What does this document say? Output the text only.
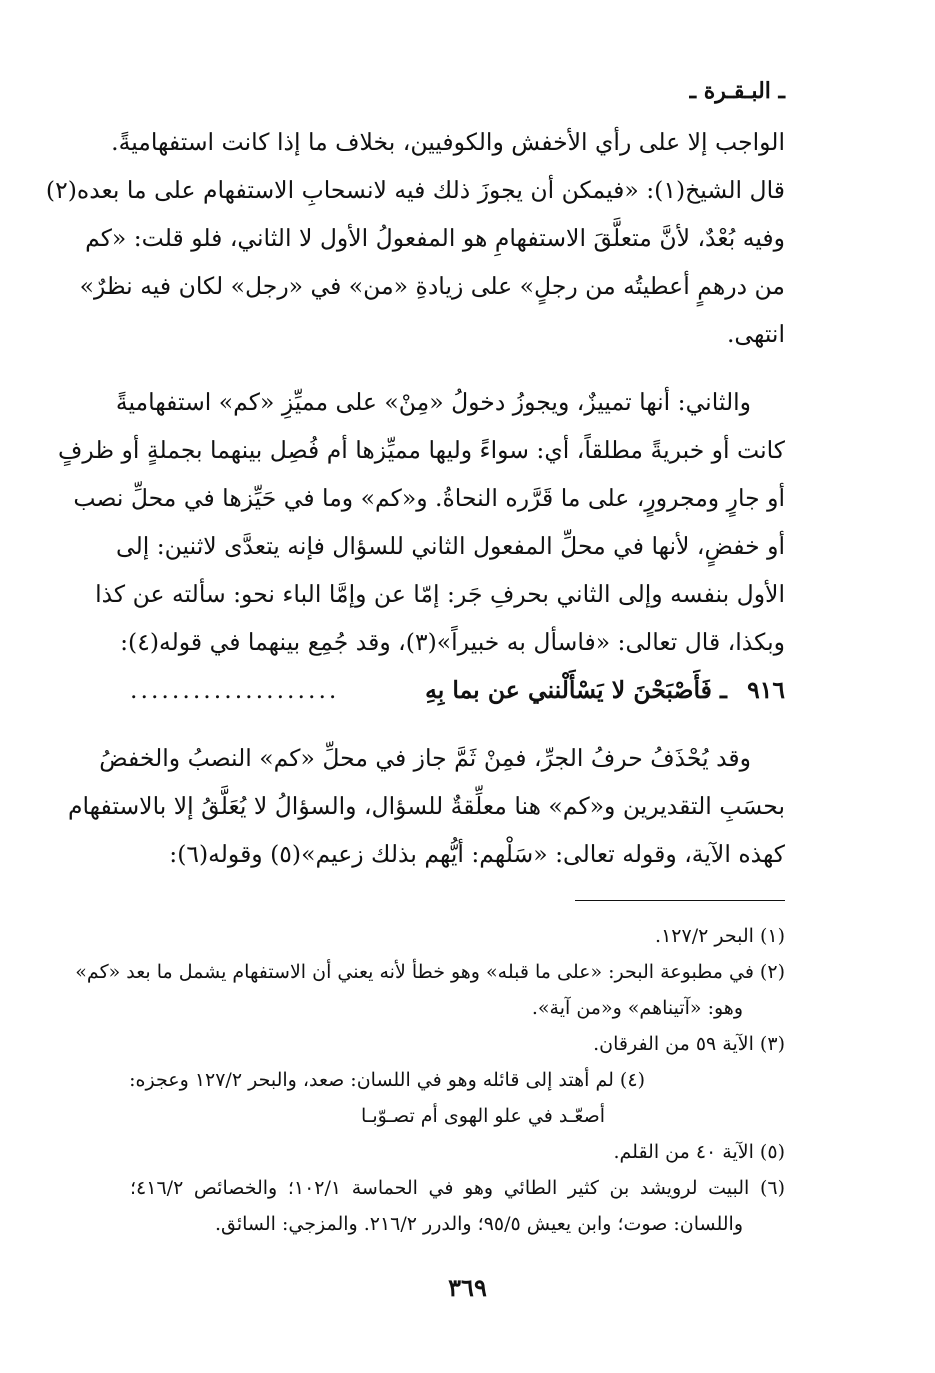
ـ البـقـرة ـ
الواجب إلا على رأي الأخفش والكوفيين، بخلاف ما إذا كانت استفهاميةً.
قال الشيخ(١): «فيمكن أن يجوزَ ذلك فيه لانسحابِ الاستفهام على ما بعده(٢)
وفيه بُعْدٌ، لأنَّ متعلَّقَ الاستفهامِ هو المفعولُ الأول لا الثاني، فلو قلت: «كم
من درهمٍ أعطيتُه من رجلٍ» على زيادةِ «من» في «رجل» لكان فيه نظرٌ»
انتهى.
والثاني: أنها تمييزٌ، ويجوزُ دخولُ «مِنْ» على مميِّزِ «كم» استفهاميةً
كانت أو خبريةً مطلقاً، أي: سواءً وليها مميِّزها أم فُصِل بينهما بجملةٍ أو ظرفٍ
أو جارٍ ومجرورٍ، على ما قَرَّره النحاةُ. و«كم» وما في حَيِّزها في محلِّ نصب
أو خفضٍ، لأنها في محلِّ المفعول الثاني للسؤال فإنه يتعدَّى لاثنين: إلى
الأول بنفسه وإلى الثاني بحرفِ جَر: إمّا عن وإمَّا الباء نحو: سألته عن كذا
وبكذا، قال تعالى: «فاسأل به خبيراً»(٣)، وقد جُمِع بينهما في قوله(٤):
٩١٦ ـ فَأَصْبَحْنَ لا يَسْأَلْنني عن بما بِهِ
....................
وقد يُحْذَفُ حرفُ الجرِّ، فمِنْ ثَمَّ جاز في محلِّ «كم» النصبُ والخفضُ
بحسَبِ التقديرين و«كم» هنا معلِّقةٌ للسؤال، والسؤالُ لا يُعَلَّقُ إلا بالاستفهام
كهذه الآية، وقوله تعالى: «سَلْهم: أيُّهم بذلك زعيم»(٥) وقوله(٦):
(١) البحر ١٢٧/٢.
(٢) في مطبوعة البحر: «على ما قبله» وهو خطأ لأنه يعني أن الاستفهام يشمل ما بعد «كم»
وهو: «آتيناهم» و«من آية».
(٣) الآية ٥٩ من الفرقان.
(٤) لم أهتد إلى قائله وهو في اللسان: صعد، والبحر ١٢٧/٢ وعجزه:
أصعّـد في علو الهوى أم تصـوّبـا
(٥) الآية ٤٠ من القلم.
(٦) البيت لرويشد بن كثير الطائي وهو في الحماسة ١٠٢/١؛ والخصائص ٤١٦/٢؛
واللسان: صوت؛ وابن يعيش ٩٥/٥؛ والدرر ٢١٦/٢. والمزجي: السائق.
٣٦٩
